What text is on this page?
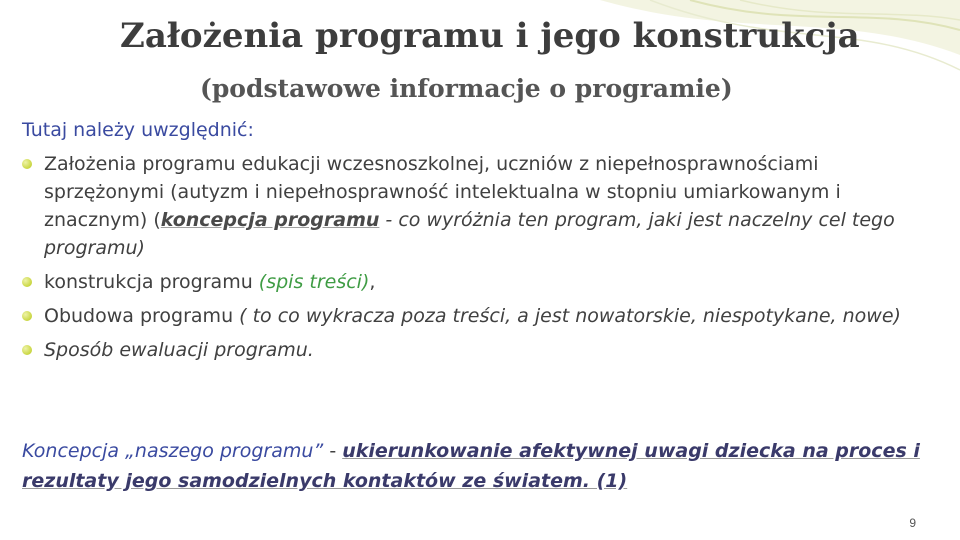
Założenia programu i jego konstrukcja
(podstawowe informacje o programie)
Tutaj należy uwzględnić:
Założenia programu edukacji wczesnoszkolnej, uczniów z niepełnosprawnościami sprzężonymi (autyzm i niepełnosprawność intelektualna w stopniu umiarkowanym i znacznym) (koncepcja programu - co wyróżnia ten program, jaki jest naczelny cel tego programu)
konstrukcja programu (spis treści),
Obudowa programu ( to co wykracza poza treści, a jest nowatorskie, niespotykane, nowe)
Sposób ewaluacji programu.
Koncepcja „naszego programu” - ukierunkowanie afektywnej uwagi dziecka na proces i rezultaty jego samodzielnych kontaktów ze światem. (1)
9
